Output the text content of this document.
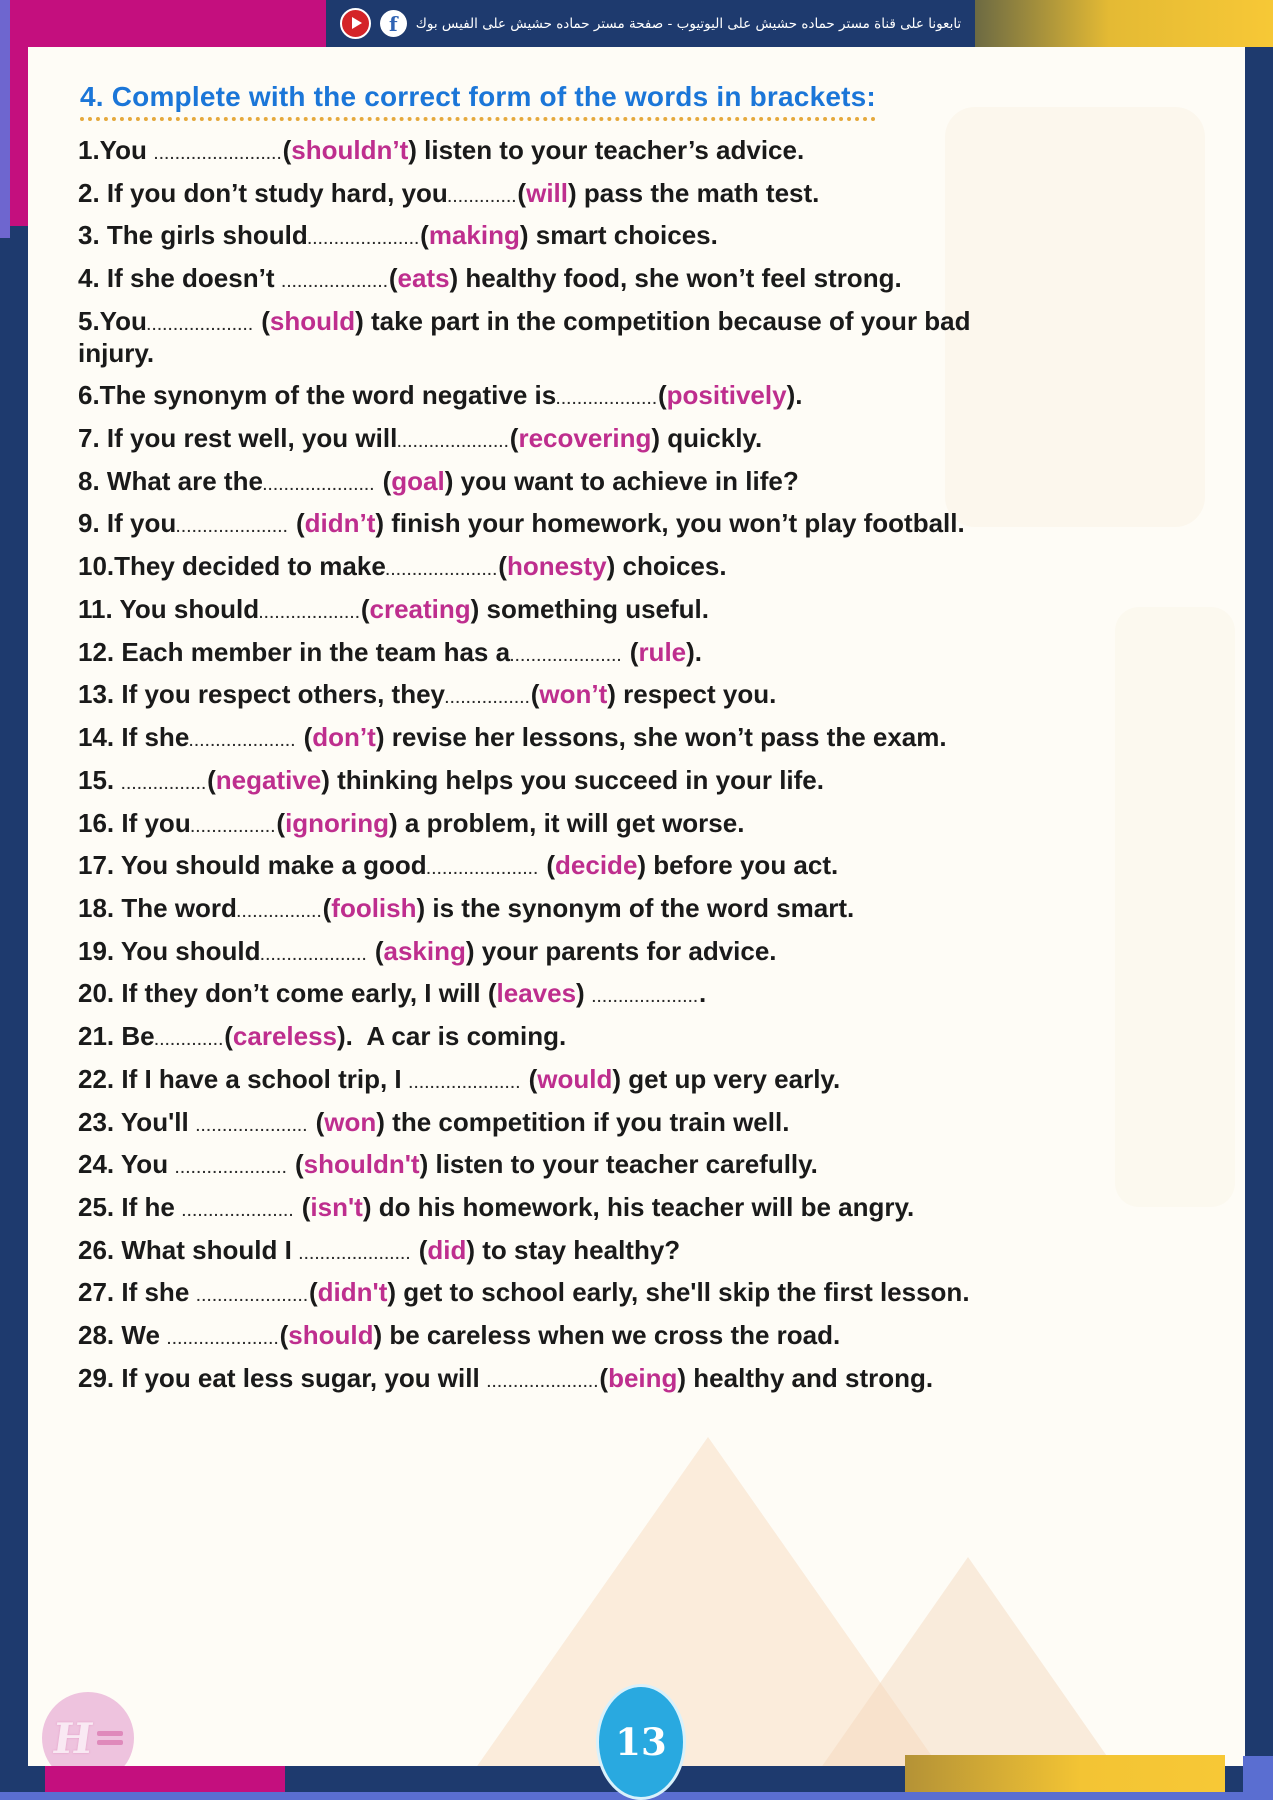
f	تابعونا على قناة مستر حماده حشيش على اليوتيوب - صفحة مستر حماده حشيش على الفيس بوك
4. Complete with the correct form of the words in brackets:
1.You ........................(shouldn’t) listen to your teacher’s advice.
2. If you don’t study hard, you.............(will) pass the math test.
3. The girls should.....................(making) smart choices.
4. If she doesn’t ....................(eats) healthy food, she won’t feel strong.
5.You.................... (should) take part in the competition because of your bad
injury.
6.The synonym of the word negative is...................(positively).
7. If you rest well, you will.....................(recovering) quickly.
8. What are the..................... (goal) you want to achieve in life?
9. If you..................... (didn’t) finish your homework, you won’t play football.
10.They decided to make.....................(honesty) choices.
11. You should...................(creating) something useful.
12. Each member in the team has a..................... (rule).
13. If you respect others, they................(won’t) respect you.
14. If she.................... (don’t) revise her lessons, she won’t pass the exam.
15. ................(negative) thinking helps you succeed in your life.
16. If you................(ignoring) a problem, it will get worse.
17. You should make a good..................... (decide) before you act.
18. The word................(foolish) is the synonym of the word smart.
19. You should.................... (asking) your parents for advice.
20. If they don’t come early, I will (leaves) .....................
21. Be.............(careless).  A car is coming.
22. If I have a school trip, I ..................... (would) get up very early.
23. You'll ..................... (won) the competition if you train well.
24. You ..................... (shouldn't) listen to your teacher carefully.
25. If he ..................... (isn't) do his homework, his teacher will be angry.
26. What should I ..................... (did) to stay healthy?
27. If she .....................(didn't) get to school early, she'll skip the first lesson.
28. We .....................(should) be careless when we cross the road.
29. If you eat less sugar, you will .....................(being) healthy and strong.
H	13
